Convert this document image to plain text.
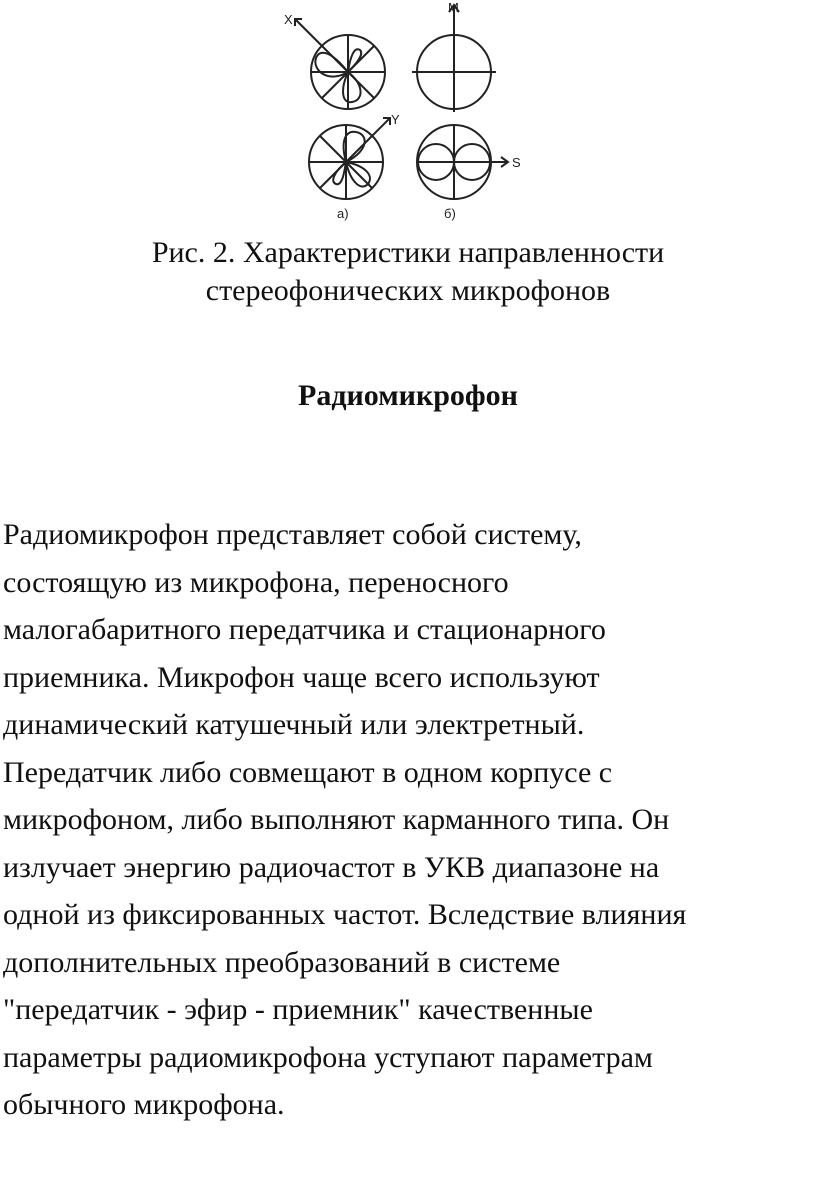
X
Y
M
S
а)	б)
Рис. 2. Характеристики направленности
стереофонических микрофонов
Радиомикрофон
Радиомикрофон представляет собой систему,
состоящую из микрофона, переносного
малогабаритного передатчика и стационарного
приемника. Микрофон чаще всего используют
динамический катушечный или электретный.
Передатчик либо совмещают в одном корпусе с
микрофоном, либо выполняют карманного типа. Он
излучает энергию радиочастот в УКВ диапазоне на
одной из фиксированных частот. Вследствие влияния
дополнительных преобразований в системе
"передатчик - эфир - приемник" качественные
параметры радиомикрофона уступают параметрам
обычного микрофона.
